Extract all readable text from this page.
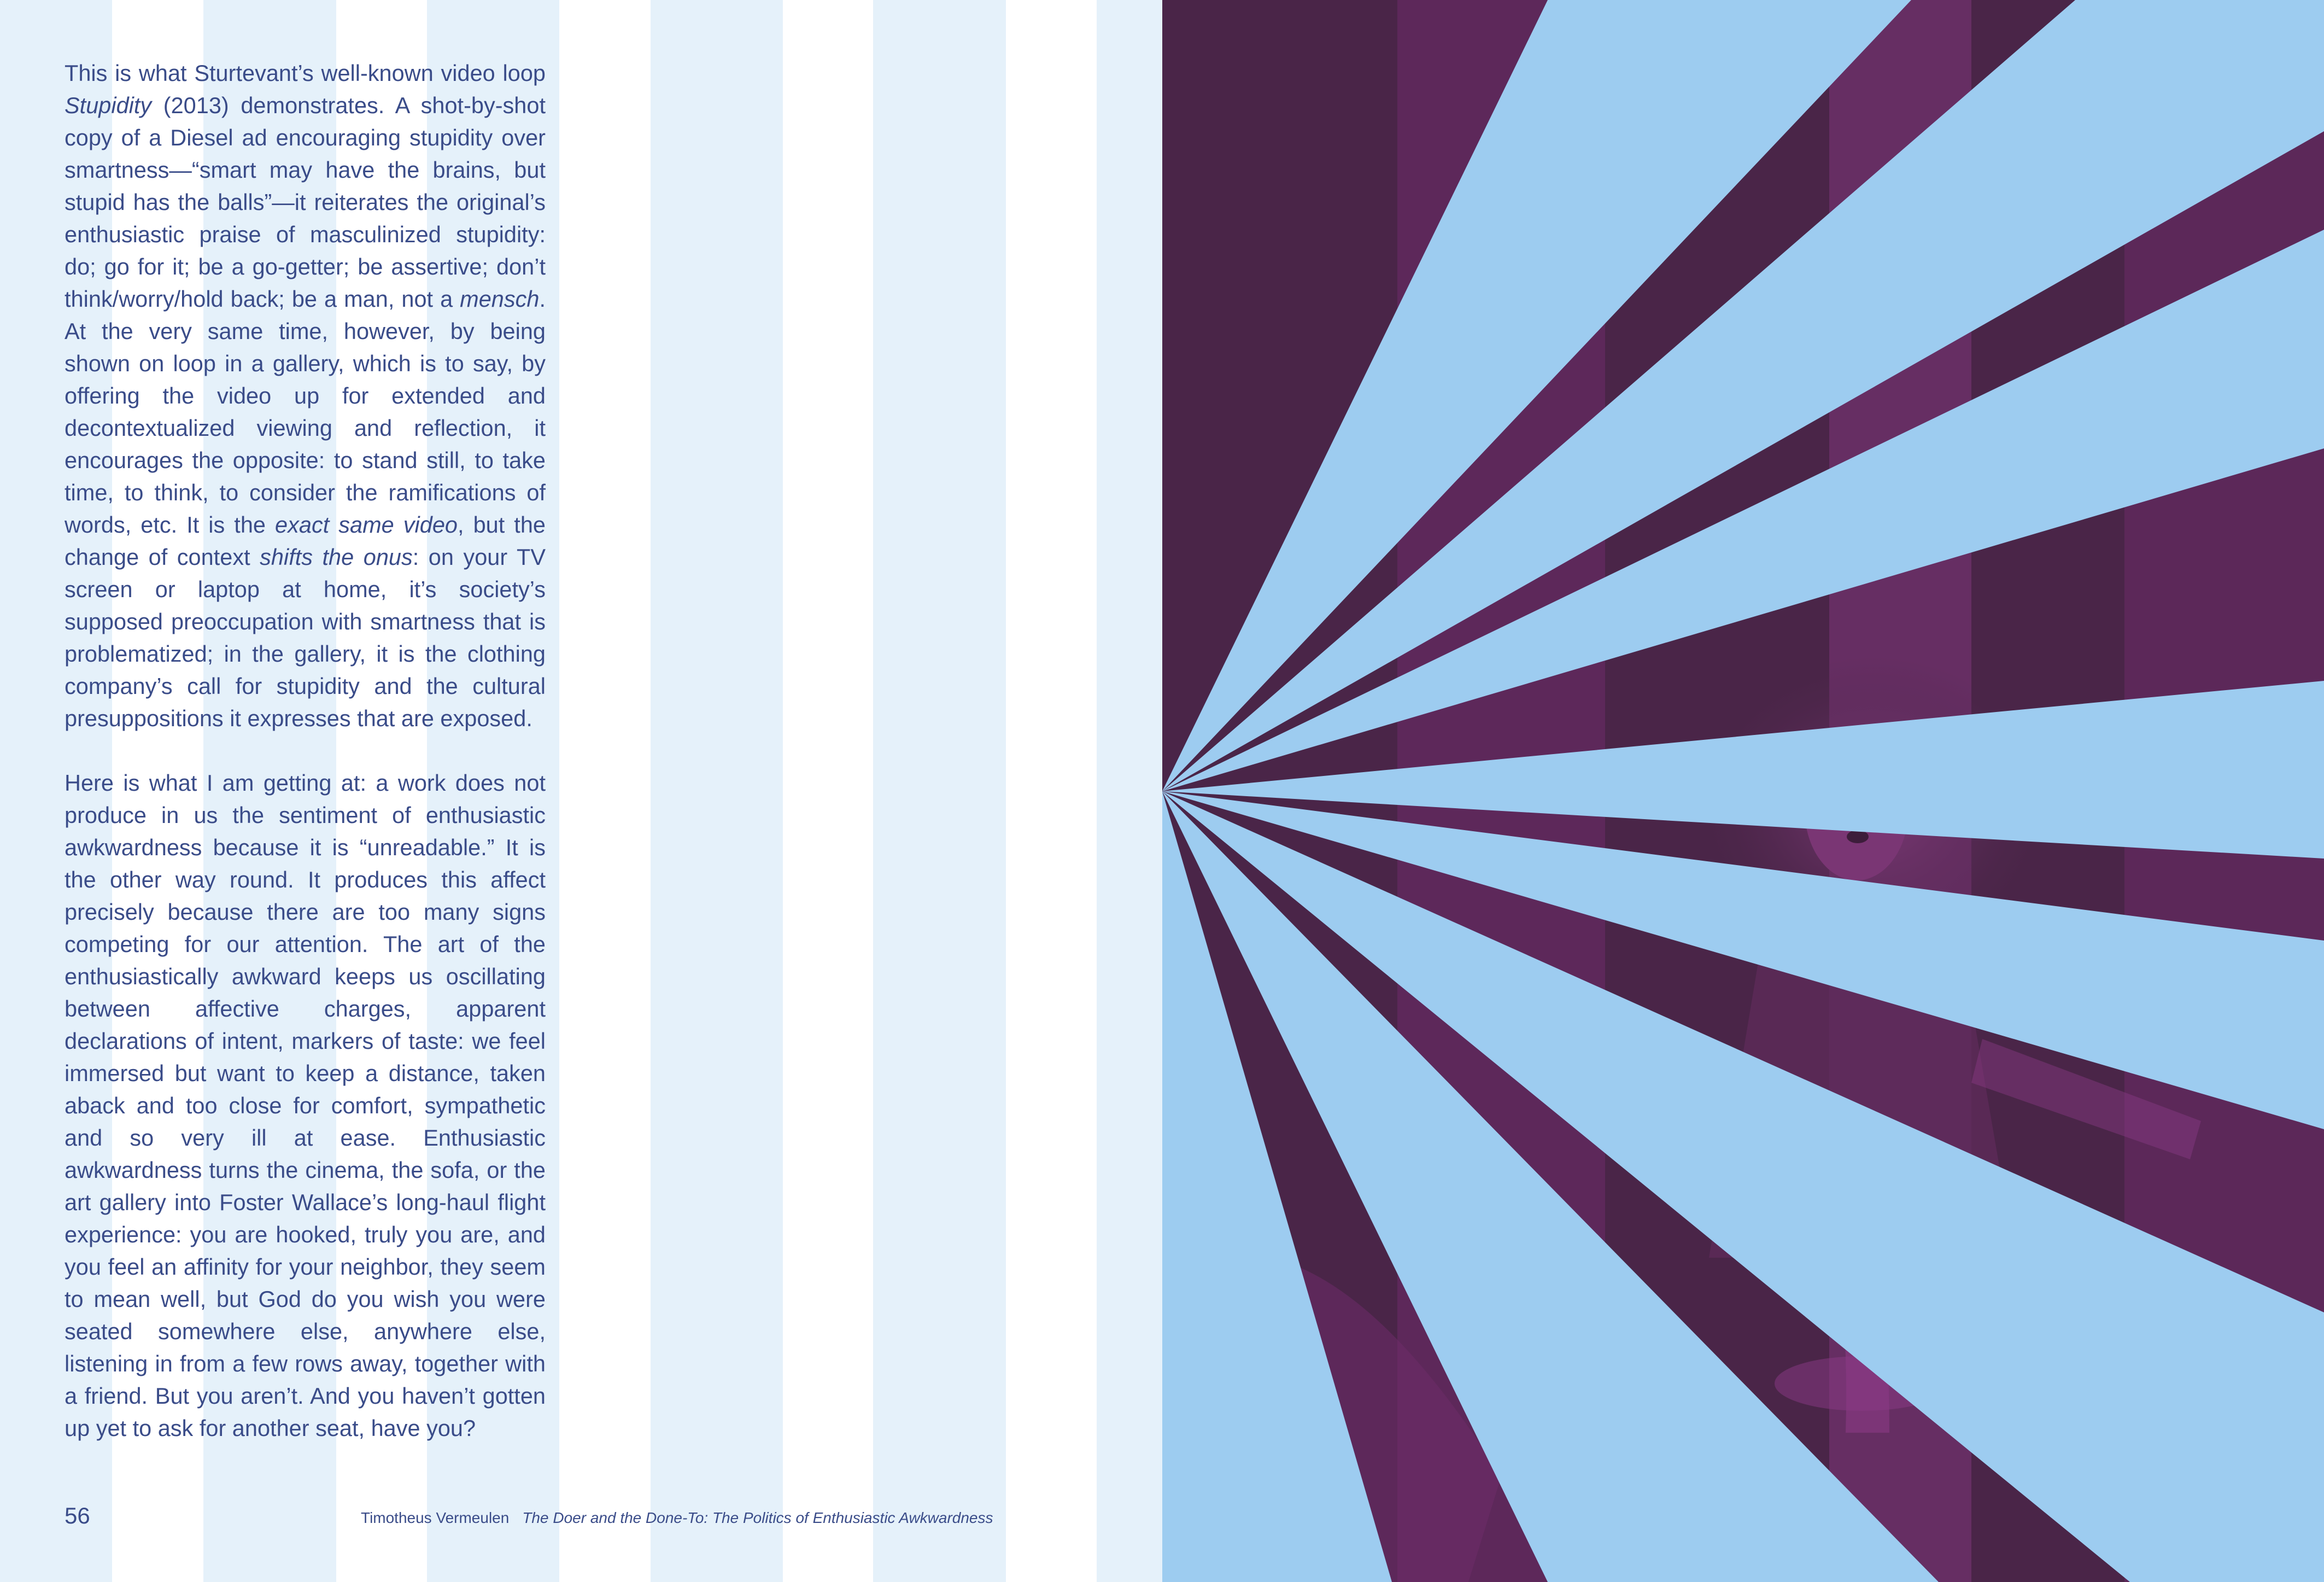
This is what Sturtevant’s well-known video loop Stupidity (2013) demonstrates. A shot-by-shot copy of a Diesel ad encouraging stupidity over smartness—“smart may have the brains, but stupid has the balls”—it reiterates the original’s enthusiastic praise of masculinized stupidity: do; go for it; be a go-getter; be assertive; don’t think/worry/hold back; be a man, not a mensch. At the very same time, however, by being shown on loop in a gallery, which is to say, by offering the video up for extended and decontextualized viewing and reflection, it encourages the opposite: to stand still, to take time, to think, to consider the ramifications of words, etc. It is the exact same video, but the change of context shifts the onus: on your TV screen or laptop at home, it’s society’s supposed preoccupation with smartness that is problematized; in the gallery, it is the clothing company’s call for stupidity and the cultural presuppositions it expresses that are exposed.

Here is what I am getting at: a work does not produce in us the sentiment of enthusiastic awkwardness because it is “unreadable.” It is the other way round. It produces this affect precisely because there are too many signs competing for our attention. The art of the enthusiastically awkward keeps us oscillating between affective charges, apparent declarations of intent, markers of taste: we feel immersed but want to keep a distance, taken aback and too close for comfort, sympathetic and so very ill at ease. Enthusiastic awkwardness turns the cinema, the sofa, or the art gallery into Foster Wallace’s long-haul flight experience: you are hooked, truly you are, and you feel an affinity for your neighbor, they seem to mean well, but God do you wish you were seated somewhere else, anywhere else, listening in from a few rows away, together with a friend. But you aren’t. And you haven’t gotten up yet to ask for another seat, have you?

56	Timotheus Vermeulen The Doer and the Done-To: The Politics of Enthusiastic Awkwardness
